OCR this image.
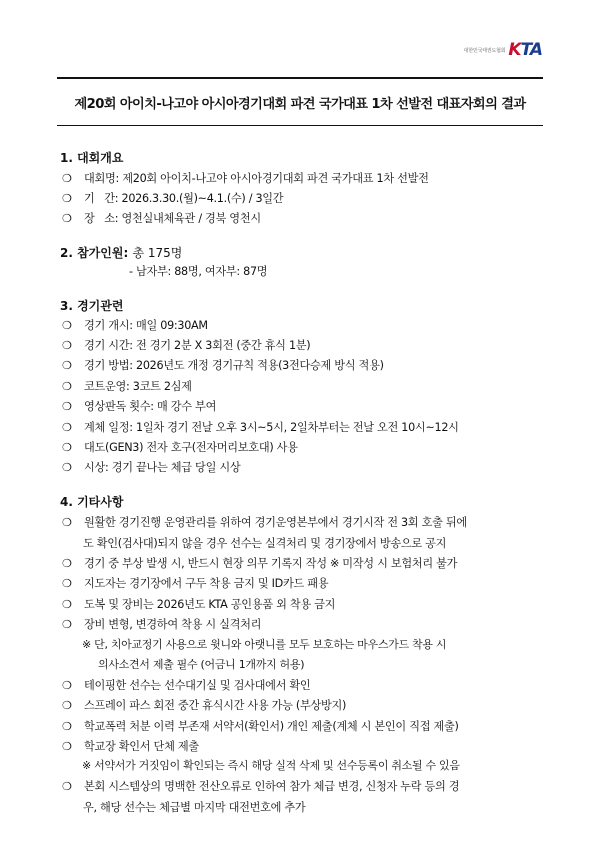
대한민국태권도협회 KTA
제20회 아이치-나고야 아시아경기대회 파견 국가대표 1차 선발전 대표자회의 결과
1. 대회개요
❍ 대회명: 제20회 아이치-나고야 아시아경기대회 파견 국가대표 1차 선발전
❍ 기   간: 2026.3.30.(월)~4.1.(수) / 3일간
❍ 장   소: 영천실내체육관 / 경북 영천시
2. 참가인원: 총 175명
- 남자부: 88명, 여자부: 87명
3. 경기관련
❍ 경기 개시: 매일 09:30AM
❍ 경기 시간: 전 경기 2분 X 3회전 (중간 휴식 1분)
❍ 경기 방법: 2026년도 개정 경기규칙 적용(3전다승제 방식 적용)
❍ 코트운영: 3코트 2심제
❍ 영상판독 횟수: 매 강수 부여
❍ 계체 일정: 1일차 경기 전날 오후 3시~5시, 2일차부터는 전날 오전 10시~12시
❍ 대도(GEN3) 전자 호구(전자머리보호대) 사용
❍ 시상: 경기 끝나는 체급 당일 시상
4. 기타사항
❍ 원활한 경기진행 운영관리를 위하여 경기운영본부에서 경기시작 전 3회 호출 뒤에
도 확인(검사대)되지 않을 경우 선수는 실격처리 및 경기장에서 방송으로 공지
❍ 경기 중 부상 발생 시, 반드시 현장 의무 기록지 작성 ※ 미작성 시 보험처리 불가
❍ 지도자는 경기장에서 구두 착용 금지 및 ID카드 패용
❍ 도복 및 장비는 2026년도 KTA 공인용품 외 착용 금지
❍ 장비 변형, 변경하여 착용 시 실격처리
※ 단, 치아교정기 사용으로 윗니와 아랫니를 모두 보호하는 마우스가드 착용 시
의사소견서 제출 필수 (어금니 1개까지 허용)
❍ 테이핑한 선수는 선수대기실 및 검사대에서 확인
❍ 스프레이 파스 회전 중간 휴식시간 사용 가능 (부상방지)
❍ 학교폭력 처분 이력 부존재 서약서(확인서) 개인 제출(계체 시 본인이 직접 제출)
❍ 학교장 확인서 단체 제출
※ 서약서가 거짓임이 확인되는 즉시 해당 실적 삭제 및 선수등록이 취소될 수 있음
❍ 본회 시스템상의 명백한 전산오류로 인하여 참가 체급 변경, 신청자 누락 등의 경
우, 해당 선수는 체급별 마지막 대전번호에 추가
